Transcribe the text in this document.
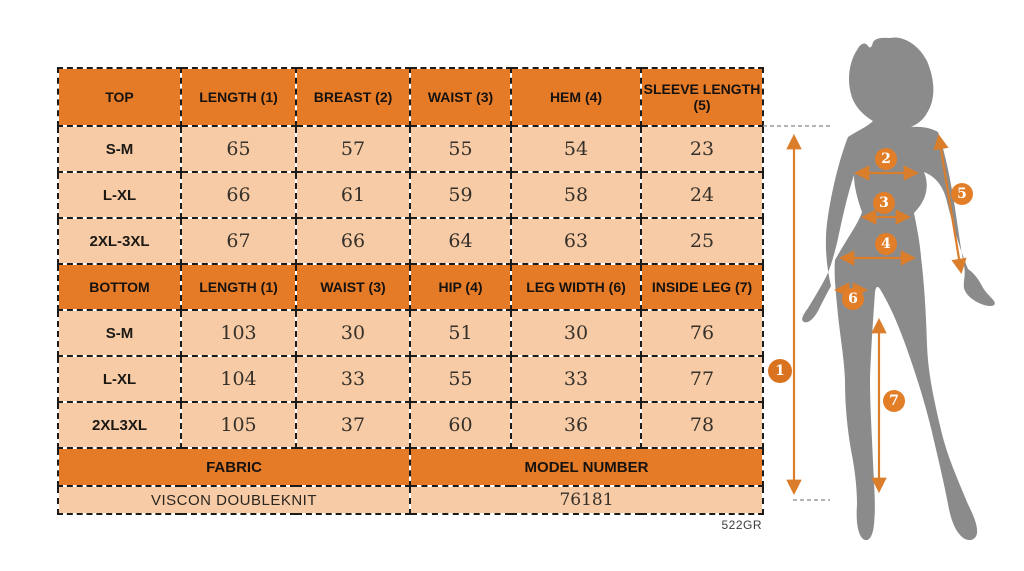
TOP	LENGTH (1)	BREAST (2)	WAIST (3)	HEM (4)	SLEEVE LENGTH (5)
S-M	65	57	55	54	23
L-XL	66	61	59	58	24
2XL-3XL	67	66	64	63	25
BOTTOM	LENGTH (1)	WAIST (3)	HIP (4)	LEG WIDTH (6)	INSIDE LEG (7)
S-M	103	30	51	30	76
L-XL	104	33	55	33	77
2XL3XL	105	37	60	36	78
FABRIC			MODEL NUMBER		
VISCON DOUBLEKNIT			76181		
522GR
1
2
3
4
5
6
7
